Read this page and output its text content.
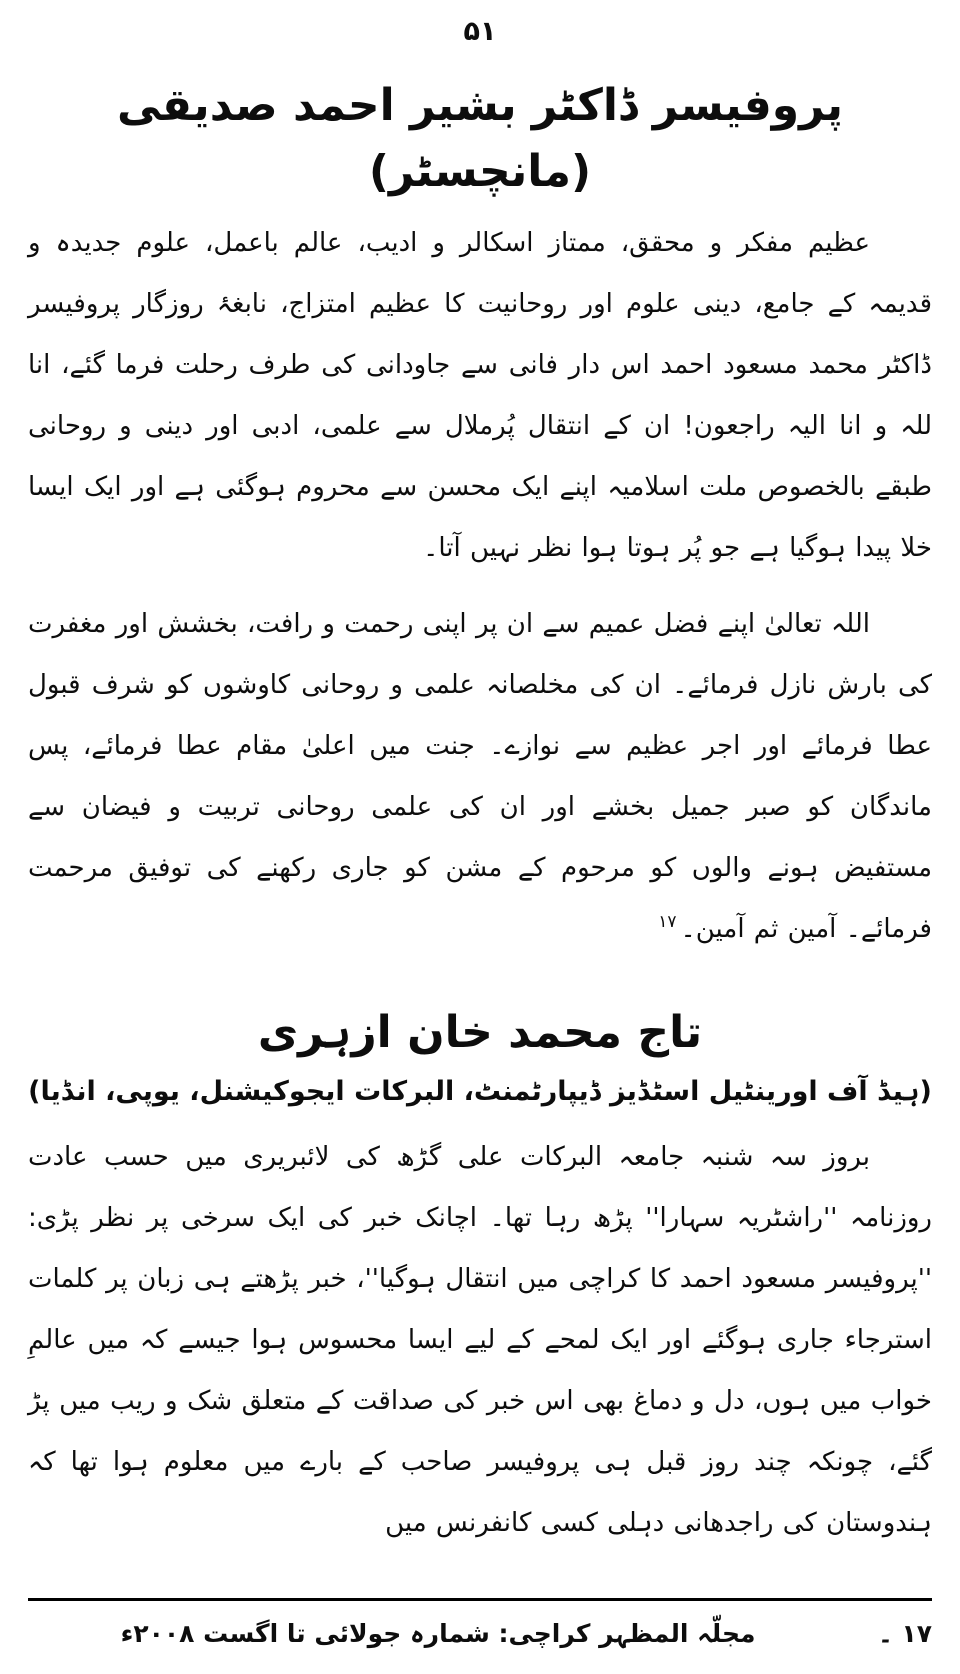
۵۱
پروفیسر ڈاکٹر بشیر احمد صدیقی (مانچسٹر)

عظیم مفکر و محقق، ممتاز اسکالر و ادیب، عالم باعمل، علوم جدیدہ و قدیمہ کے جامع، دینی علوم اور روحانیت کا عظیم امتزاج، نابغۂ روزگار پروفیسر ڈاکٹر محمد مسعود احمد اس دار فانی سے جاودانی کی طرف رحلت فرما گئے، انا للہ و انا الیہ راجعون! ان کے انتقال پُرملال سے علمی، ادبی اور دینی و روحانی طبقے بالخصوص ملت اسلامیہ اپنے ایک محسن سے محروم ہوگئی ہے اور ایک ایسا خلا پیدا ہوگیا ہے جو پُر ہوتا ہوا نظر نہیں آتا۔

اللہ تعالیٰ اپنے فضل عمیم سے ان پر اپنی رحمت و رافت، بخشش اور مغفرت کی بارش نازل فرمائے۔ ان کی مخلصانہ علمی و روحانی کاوشوں کو شرف قبول عطا فرمائے اور اجر عظیم سے نوازے۔ جنت میں اعلیٰ مقام عطا فرمائے، پس ماندگان کو صبر جمیل بخشے اور ان کی علمی روحانی تربیت و فیضان سے مستفیض ہونے والوں کو مرحوم کے مشن کو جاری رکھنے کی توفیق مرحمت فرمائے۔ آمین ثم آمین۔$^{۱۷}$

تاج محمد خان ازہری
(ہیڈ آف اورینٹیل اسٹڈیز ڈیپارٹمنٹ، البرکات ایجوکیشنل، یوپی، انڈیا)

بروز سہ شنبہ جامعہ البرکات علی گڑھ کی لائبریری میں حسب عادت روزنامہ ''راشٹریہ سہارا'' پڑھ رہا تھا۔ اچانک خبر کی ایک سرخی پر نظر پڑی: ''پروفیسر مسعود احمد کا کراچی میں انتقال ہوگیا''، خبر پڑھتے ہی زبان پر کلمات استرجاء جاری ہوگئے اور ایک لمحے کے لیے ایسا محسوس ہوا جیسے کہ میں عالمِ خواب میں ہوں، دل و دماغ بھی اس خبر کی صداقت کے متعلق شک و ریب میں پڑ گئے، چونکہ چند روز قبل ہی پروفیسر صاحب کے بارے میں معلوم ہوا تھا کہ ہندوستان کی راجدھانی دہلی کسی کانفرنس میں

۱۷ ۔
مجلّہ المظہر کراچی: شمارہ جولائی تا اگست ۲۰۰۸ء
